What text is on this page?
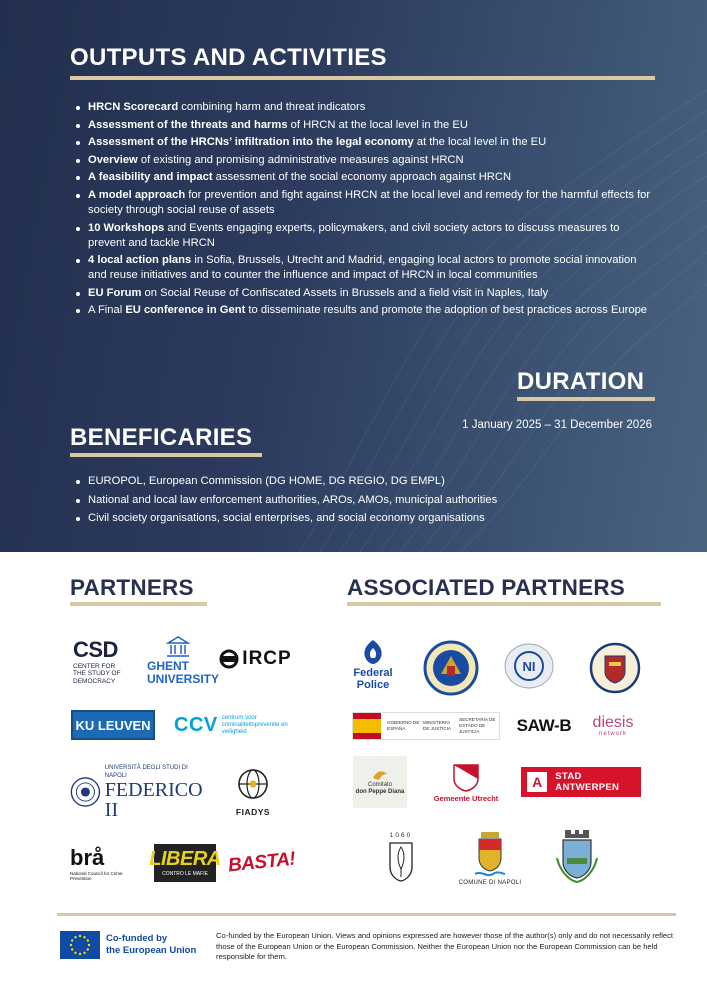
OUTPUTS AND ACTIVITIES
HRCN Scorecard combining harm and threat indicators
Assessment of the threats and harms of HRCN at the local level in the EU
Assessment of the HRCNs’ infiltration into the legal economy at the local level in the EU
Overview of existing and promising administrative measures against HRCN
A feasibility and impact assessment of the social economy approach against HRCN
A model approach for prevention and fight against HRCN at the local level and remedy for the harmful effects for society through social reuse of assets
10 Workshops and Events engaging experts, policymakers, and civil society actors to discuss measures to prevent and tackle HRCN
4 local action plans in Sofia, Brussels, Utrecht and Madrid, engaging local actors to promote social innovation and reuse initiatives and to counter the influence and impact of HRCN in local communities
EU Forum on Social Reuse of Confiscated Assets in Brussels and a field visit in Naples, Italy
A Final EU conference in Gent to disseminate results and promote the adoption of best practices across Europe
DURATION
1 January 2025 – 31 December 2026
BENEFICARIES
EUROPOL, European Commission (DG HOME, DG REGIO, DG EMPL)
National and local law enforcement authorities, AROs, AMOs, municipal authorities
Civil society organisations, social enterprises, and social economy organisations
PARTNERS	ASSOCIATED PARTNERS
CSD
CENTER FOR
THE STUDY OF
DEMOCRACY
GHENT
UNIVERSITY
IRCP
KU LEUVEN CCV centrum voor
criminaliteitspreventie en
veiligheid
UNIVERSITÀ DEGLI STUDI DI NAPOLI
FEDERICO II	FIADYS
brå
National Council for Crime Prevention
LIBERA
CONTRO LE MAFIE BASTA!
Federal
Police
NI
GOBIERNO DE ESPAÑA
MINISTERIO DE JUSTICIA
SECRETARÍA DE ESTADO DE JUSTICIA	SAW-B diesis
network
Comitato
don Peppe Diana
Gemeente Utrecht
A	STAD ANTWERPEN
1060
COMUNE DI NAPOLI
Co-funded by
the European Union
Co-funded by the European Union. Views and opinions expressed are however those of the author(s) only and do not necessarily reflect those of the European Union or the European Commission. Neither the European Union nor the European Commission can be held responsible for them.
